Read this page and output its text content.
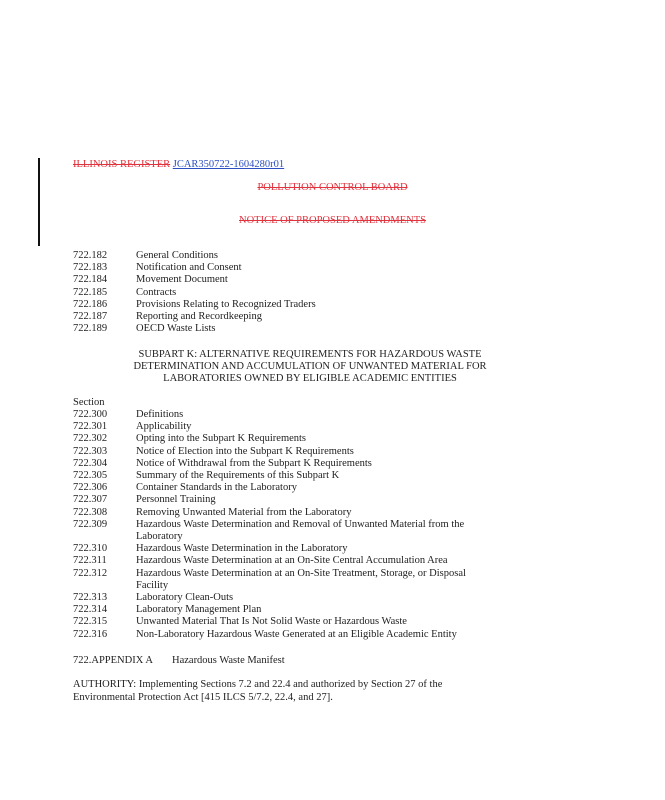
ILLINOIS REGISTER JCAR350722-1604280r01
POLLUTION CONTROL BOARD
NOTICE OF PROPOSED AMENDMENTS
722.182	General Conditions
722.183	Notification and Consent
722.184	Movement Document
722.185	Contracts
722.186	Provisions Relating to Recognized Traders
722.187	Reporting and Recordkeeping
722.189	OECD Waste Lists
SUBPART K: ALTERNATIVE REQUIREMENTS FOR HAZARDOUS WASTE
DETERMINATION AND ACCUMULATION OF UNWANTED MATERIAL FOR
LABORATORIES OWNED BY ELIGIBLE ACADEMIC ENTITIES
Section
722.300	Definitions
722.301	Applicability
722.302	Opting into the Subpart K Requirements
722.303	Notice of Election into the Subpart K Requirements
722.304	Notice of Withdrawal from the Subpart K Requirements
722.305	Summary of the Requirements of this Subpart K
722.306	Container Standards in the Laboratory
722.307	Personnel Training
722.308	Removing Unwanted Material from the Laboratory
722.309	Hazardous Waste Determination and Removal of Unwanted Material from the Laboratory
722.310	Hazardous Waste Determination in the Laboratory
722.311	Hazardous Waste Determination at an On-Site Central Accumulation Area
722.312	Hazardous Waste Determination at an On-Site Treatment, Storage, or Disposal Facility
722.313	Laboratory Clean-Outs
722.314	Laboratory Management Plan
722.315	Unwanted Material That Is Not Solid Waste or Hazardous Waste
722.316	Non-Laboratory Hazardous Waste Generated at an Eligible Academic Entity
722.APPENDIX A	Hazardous Waste Manifest
AUTHORITY: Implementing Sections 7.2 and 22.4 and authorized by Section 27 of the Environmental Protection Act [415 ILCS 5/7.2, 22.4, and 27].
